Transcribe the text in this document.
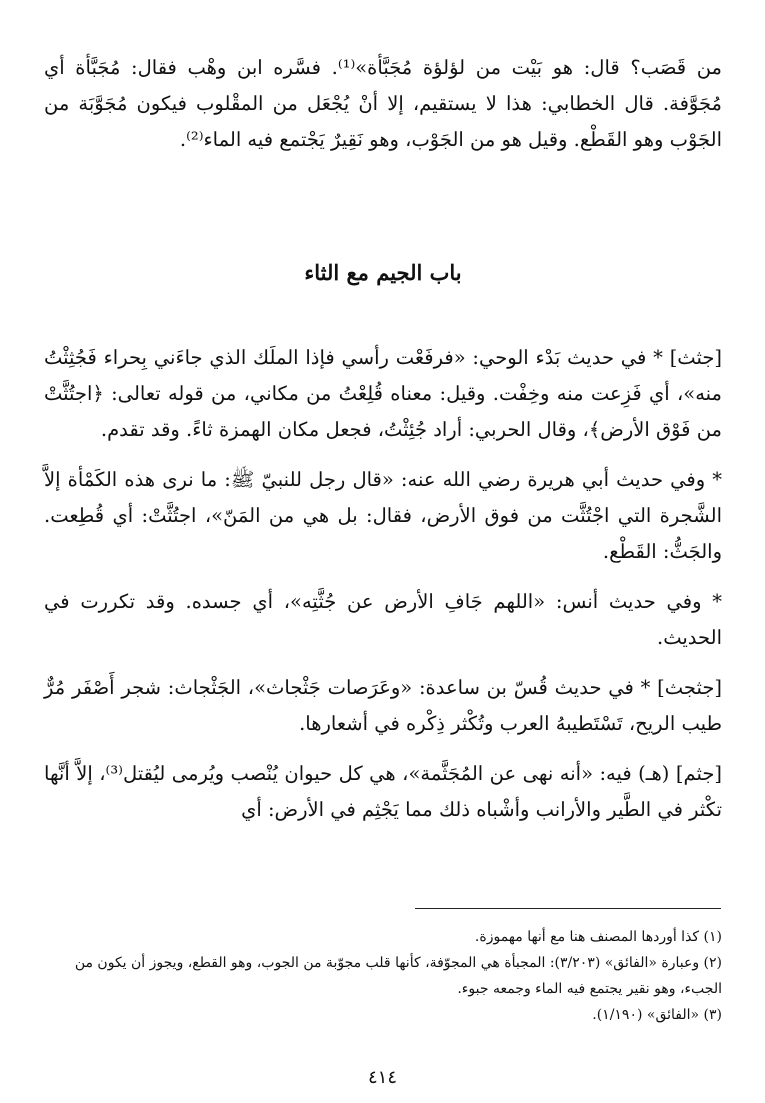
من قَصَب؟ قال: هو بَيْت من لؤلؤة مُجَبَّأة»⁽¹⁾. فسَّره ابن وهْب فقال: مُجَبَّأة أي مُجَوَّفة. قال الخطابي: هذا لا يستقيم، إلا أنْ يُجْعَل من المقْلوب فيكون مُجَوَّبَة من الجَوْب وهو القَطْع. وقيل هو من الجَوْب، وهو نَقِيرٌ يَجْتمع فيه الماء⁽²⁾.

باب الجيم مع الثاء

[جثث] * في حديث بَدْء الوحي: «فرفَعْت رأسي فإذا الملَك الذي جاءَني بِحراء فَجُثِثْتُ منه»، أي فَزِعت منه وخِفْت. وقيل: معناه قُلِعْتُ من مكاني، من قوله تعالى: ﴿اجتُثَّتْ من فَوْق الأرض﴾، وقال الحربي: أراد جُئِثْتُ، فجعل مكان الهمزة ثاءً. وقد تقدم.

* وفي حديث أبي هريرة رضي الله عنه: «قال رجل للنبيّ ﷺ: ما نرى هذه الكَمْأة إلاَّ الشَّجرة التي اجْتُثَّت من فوق الأرض، فقال: بل هي من المَنّ»، اجتُثَّتْ: أي قُطِعت. والجَثُّ: القَطْع.

* وفي حديث أنس: «اللهم جَافِ الأرض عن جُثَّتِه»، أي جسده. وقد تكررت في الحديث.

[جثجث] * في حديث قُسّ بن ساعدة: «وعَرَصات جَثْجاث»، الجَثْجاث: شجر أَصْفَر مُرٌّ طيب الريح، تَسْتَطيبهُ العرب وتُكْثر ذِكْره في أشعارها.

[جثم] (هـ) فيه: «أنه نهى عن المُجَثَّمة»، هي كل حيوان يُنْصب ويُرمى ليُقتل⁽³⁾، إلاَّ أنَّها تكْثر في الطَّير والأرانب وأشْباه ذلك مما يَجْثِم في الأرض: أي

(١) كذا أوردها المصنف هنا مع أنها مهموزة.

(٢) وعبارة «الفائق» (٣/٢٠٣): المجبأة هي المجوّفة، كأنها قلب مجوّبة من الجوب، وهو القطع، ويجوز أن يكون من الجبء، وهو نقير يجتمع فيه الماء وجمعه جبوء.

(٣) «الفائق» (١/١٩٠).

٤١٤
